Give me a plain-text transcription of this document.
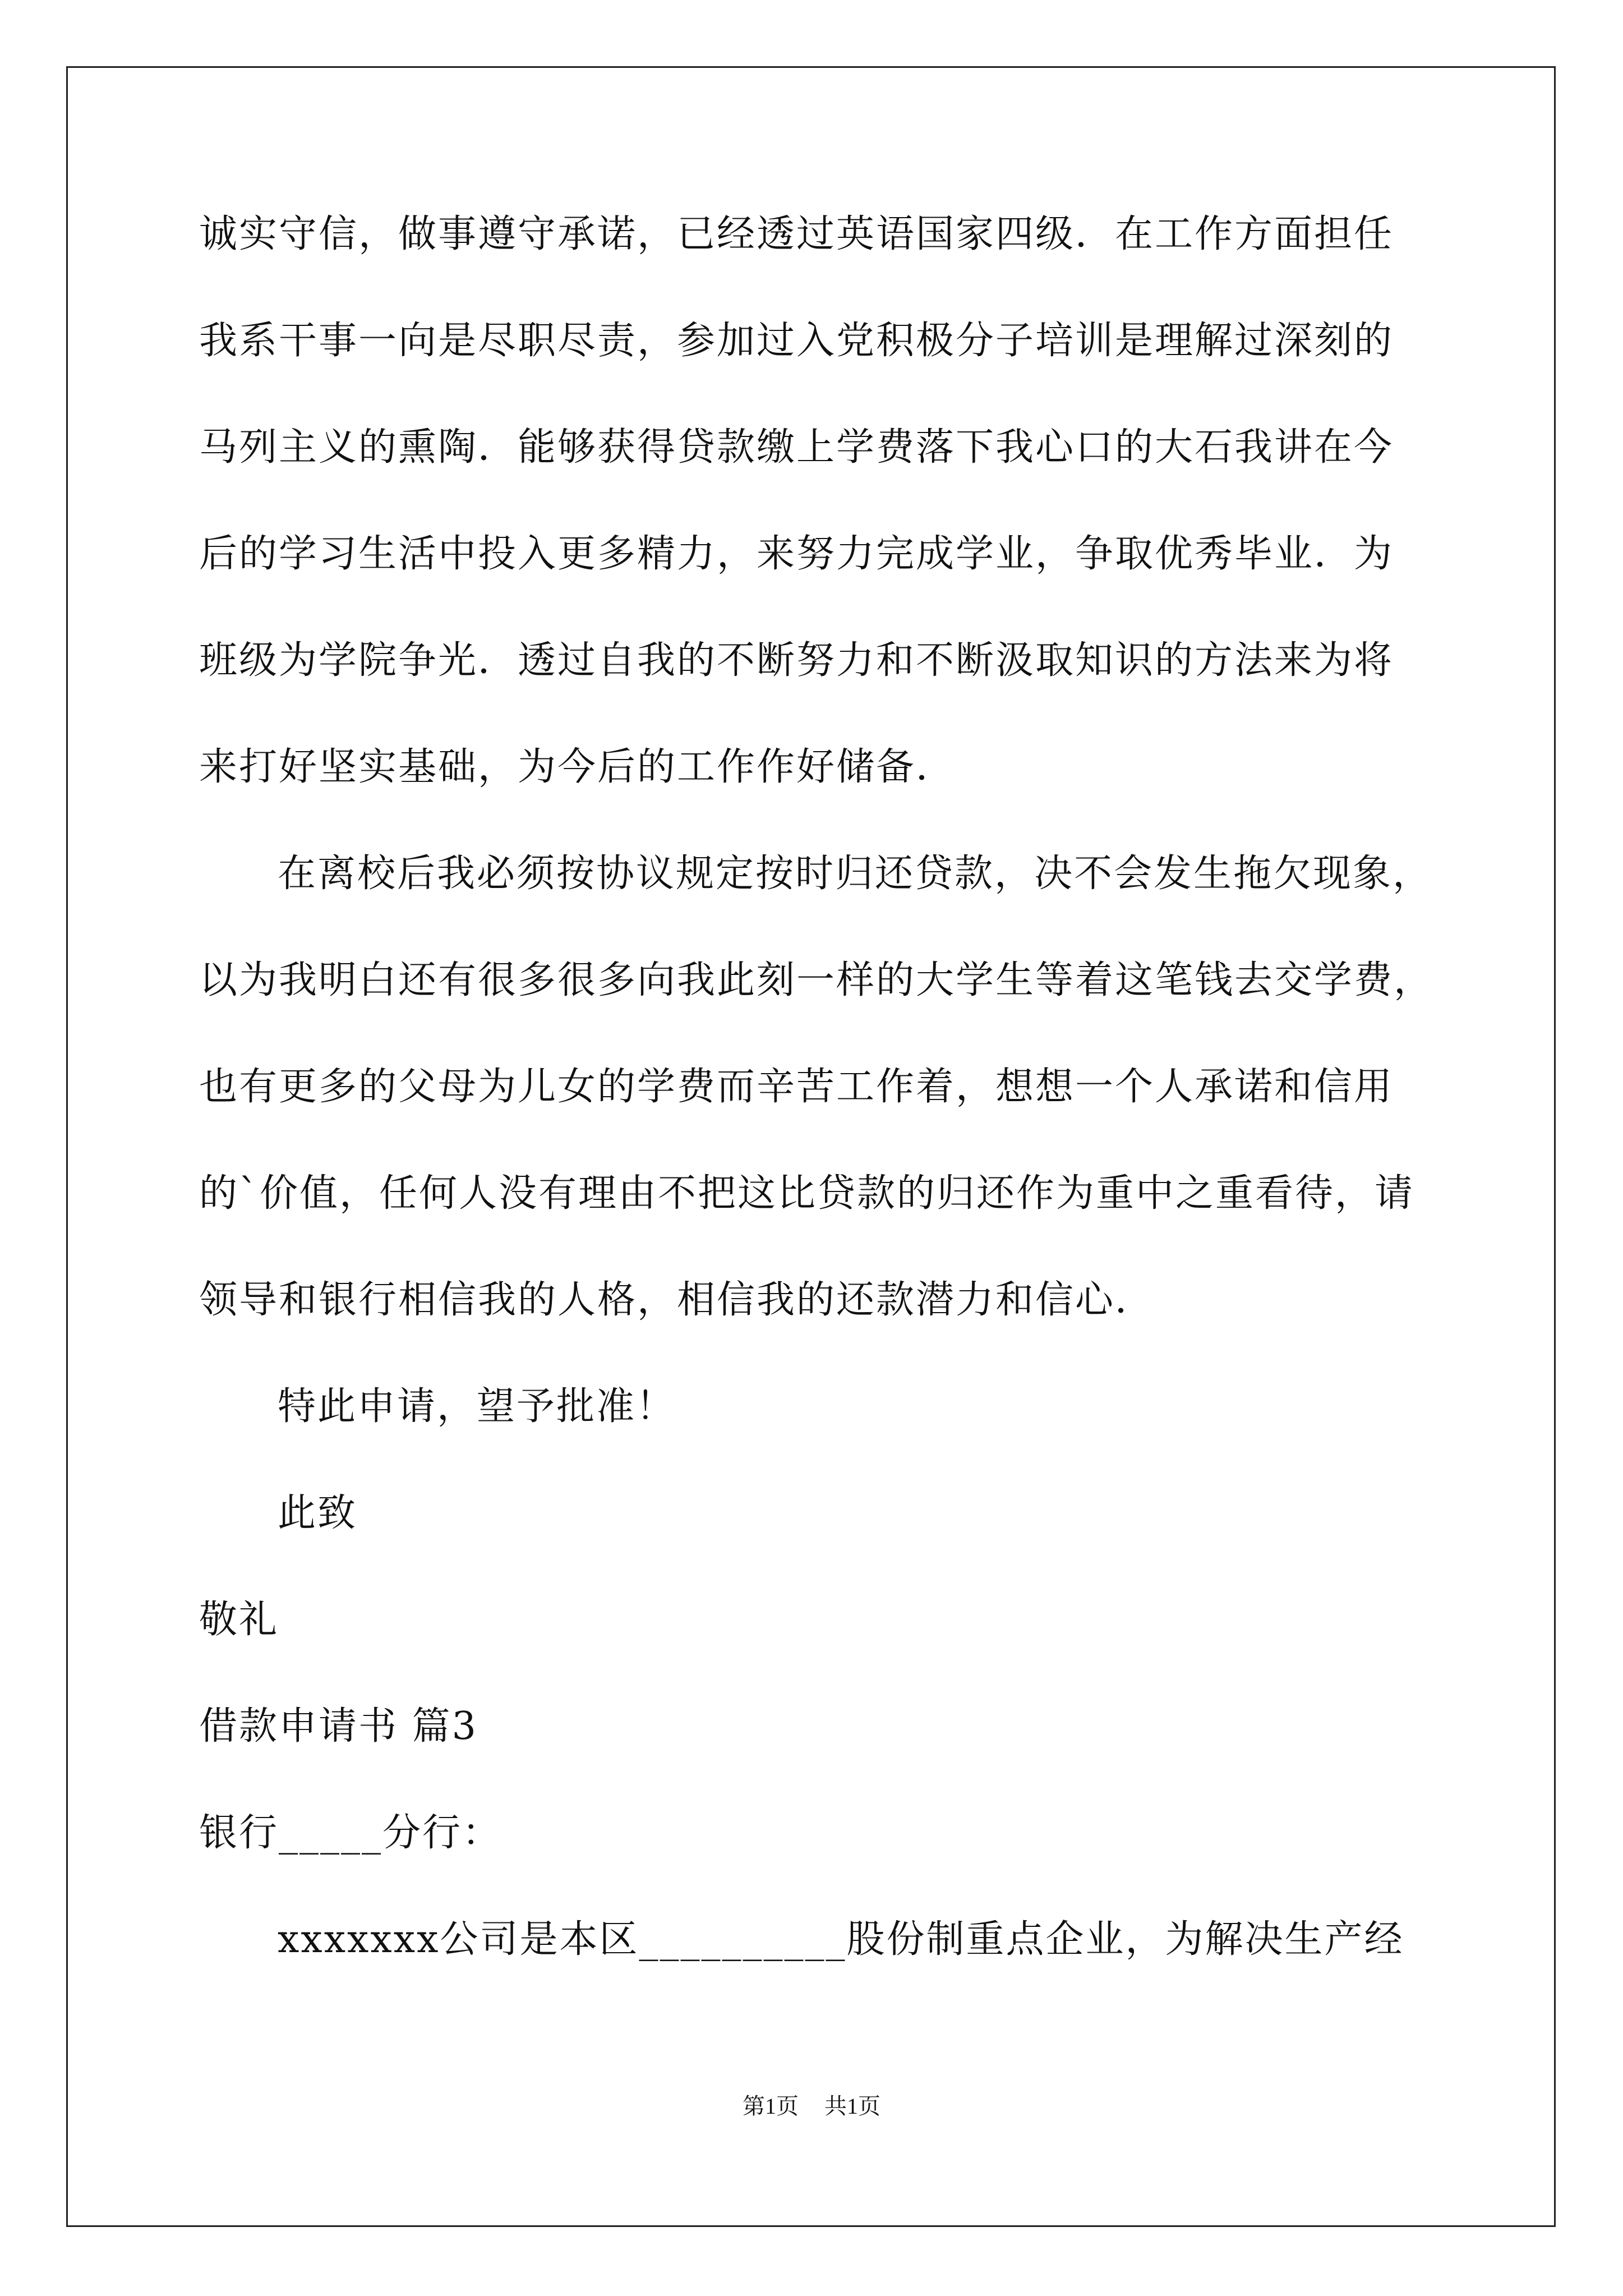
诚实守信，做事遵守承诺，已经透过英语国家四级．在工作方面担任
我系干事一向是尽职尽责，参加过入党积极分子培训是理解过深刻的
马列主义的熏陶．能够获得贷款缴上学费落下我心口的大石我讲在今
后的学习生活中投入更多精力，来努力完成学业，争取优秀毕业．为
班级为学院争光．透过自我的不断努力和不断汲取知识的方法来为将
来打好坚实基础，为今后的工作作好储备．
在离校后我必须按协议规定按时归还贷款，决不会发生拖欠现象，
以为我明白还有很多很多向我此刻一样的大学生等着这笔钱去交学费，
也有更多的父母为儿女的学费而辛苦工作着，想想一个人承诺和信用
的`价值，任何人没有理由不把这比贷款的归还作为重中之重看待，请
领导和银行相信我的人格，相信我的还款潜力和信心．
特此申请，望予批准！
此致
敬礼
借款申请书 篇3
银行_____分行：
xxxxxxx公司是本区__________股份制重点企业，为解决生产经
第1页 共1页
